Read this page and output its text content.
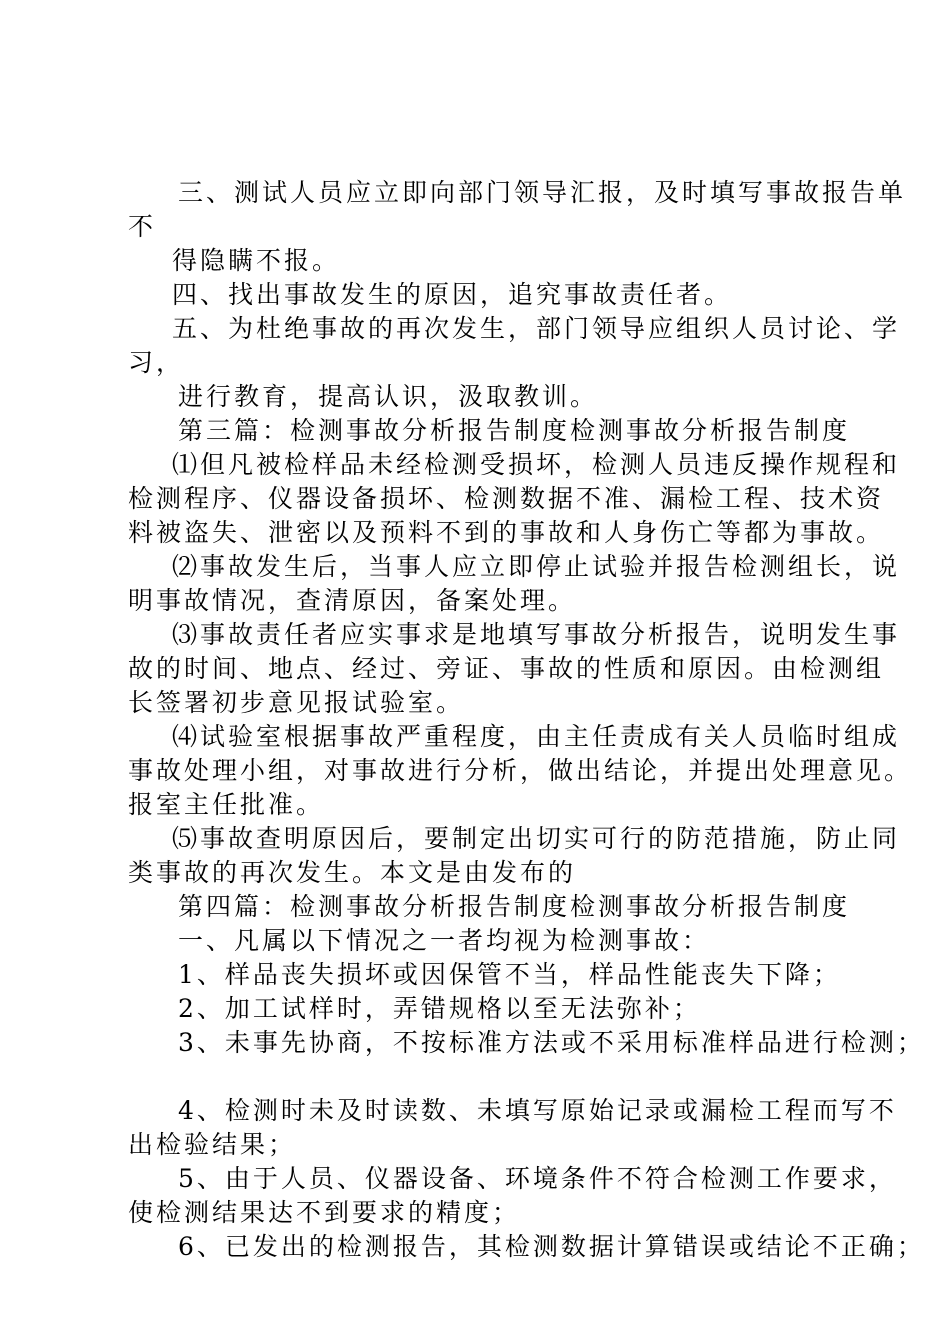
三、测试人员应立即向部门领导汇报，及时填写事故报告单
不
得隐瞒不报。
四、找出事故发生的原因，追究事故责任者。
五、为杜绝事故的再次发生，部门领导应组织人员讨论、学
习，
进行教育，提高认识，汲取教训。
第三篇：检测事故分析报告制度检测事故分析报告制度
⑴但凡被检样品未经检测受损坏，检测人员违反操作规程和
检测程序、仪器设备损坏、检测数据不准、漏检工程、技术资
料被盗失、泄密以及预料不到的事故和人身伤亡等都为事故。
⑵事故发生后，当事人应立即停止试验并报告检测组长，说
明事故情况，查清原因，备案处理。
⑶事故责任者应实事求是地填写事故分析报告，说明发生事
故的时间、地点、经过、旁证、事故的性质和原因。由检测组
长签署初步意见报试验室。
⑷试验室根据事故严重程度，由主任责成有关人员临时组成
事故处理小组，对事故进行分析，做出结论，并提出处理意见。
报室主任批准。
⑸事故查明原因后，要制定出切实可行的防范措施，防止同
类事故的再次发生。本文是由发布的
第四篇：检测事故分析报告制度检测事故分析报告制度
一、凡属以下情况之一者均视为检测事故：
1、样品丧失损坏或因保管不当，样品性能丧失下降；
2、加工试样时，弄错规格以至无法弥补；
3、未事先协商，不按标准方法或不采用标准样品进行检测；
4、检测时未及时读数、未填写原始记录或漏检工程而写不
出检验结果；
5、由于人员、仪器设备、环境条件不符合检测工作要求，
使检测结果达不到要求的精度；
6、已发出的检测报告，其检测数据计算错误或结论不正确；
